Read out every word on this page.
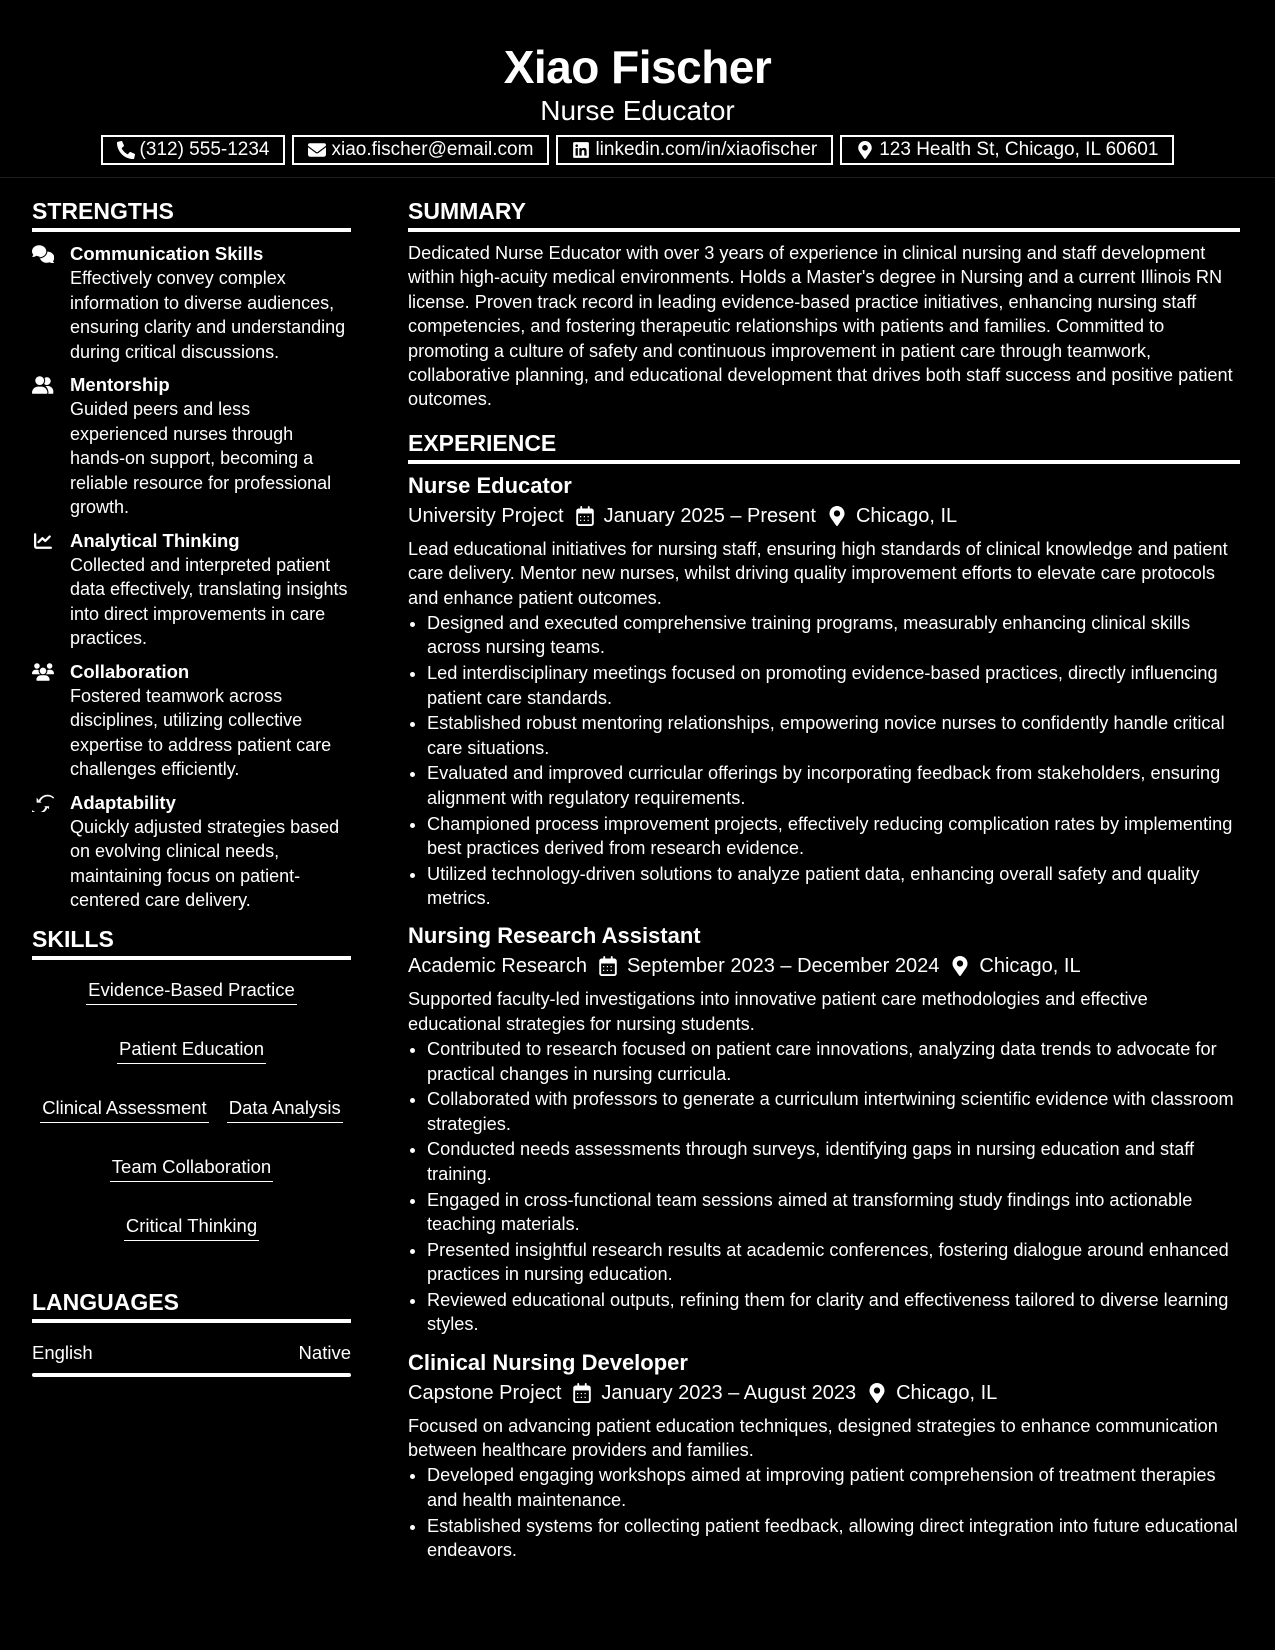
Xiao Fischer
Nurse Educator
(312) 555-1234	xiao.fischer@email.com	linkedin.com/in/xiaofischer	123 Health St, Chicago, IL 60601
STRENGTHS
Communication Skills
Effectively convey complex information to diverse audiences, ensuring clarity and understanding during critical discussions.
Mentorship
Guided peers and less experienced nurses through hands-on support, becoming a reliable resource for professional growth.
Analytical Thinking
Collected and interpreted patient data effectively, translating insights into direct improvements in care practices.
Collaboration
Fostered teamwork across disciplines, utilizing collective expertise to address patient care challenges efficiently.
Adaptability
Quickly adjusted strategies based on evolving clinical needs, maintaining focus on patient-centered care delivery.
SKILLS
Evidence-Based Practice
Patient Education
Clinical Assessment Data Analysis
Team Collaboration
Critical Thinking
LANGUAGES
English	Native
SUMMARY
Dedicated Nurse Educator with over 3 years of experience in clinical nursing and staff development within high-acuity medical environments. Holds a Master's degree in Nursing and a current Illinois RN license. Proven track record in leading evidence-based practice initiatives, enhancing nursing staff competencies, and fostering therapeutic relationships with patients and families. Committed to promoting a culture of safety and continuous improvement in patient care through teamwork, collaborative planning, and educational development that drives both staff success and positive patient outcomes.
EXPERIENCE
Nurse Educator
University Project January 2025 – Present Chicago, IL
Lead educational initiatives for nursing staff, ensuring high standards of clinical knowledge and patient care delivery. Mentor new nurses, whilst driving quality improvement efforts to elevate care protocols and enhance patient outcomes.
• Designed and executed comprehensive training programs, measurably enhancing clinical skills across nursing teams.
• Led interdisciplinary meetings focused on promoting evidence-based practices, directly influencing patient care standards.
• Established robust mentoring relationships, empowering novice nurses to confidently handle critical care situations.
• Evaluated and improved curricular offerings by incorporating feedback from stakeholders, ensuring alignment with regulatory requirements.
• Championed process improvement projects, effectively reducing complication rates by implementing best practices derived from research evidence.
• Utilized technology-driven solutions to analyze patient data, enhancing overall safety and quality metrics.
Nursing Research Assistant
Academic Research September 2023 – December 2024 Chicago, IL
Supported faculty-led investigations into innovative patient care methodologies and effective educational strategies for nursing students.
• Contributed to research focused on patient care innovations, analyzing data trends to advocate for practical changes in nursing curricula.
• Collaborated with professors to generate a curriculum intertwining scientific evidence with classroom strategies.
• Conducted needs assessments through surveys, identifying gaps in nursing education and staff training.
• Engaged in cross-functional team sessions aimed at transforming study findings into actionable teaching materials.
• Presented insightful research results at academic conferences, fostering dialogue around enhanced practices in nursing education.
• Reviewed educational outputs, refining them for clarity and effectiveness tailored to diverse learning styles.
Clinical Nursing Developer
Capstone Project January 2023 – August 2023 Chicago, IL
Focused on advancing patient education techniques, designed strategies to enhance communication between healthcare providers and families.
• Developed engaging workshops aimed at improving patient comprehension of treatment therapies and health maintenance.
• Established systems for collecting patient feedback, allowing direct integration into future educational endeavors.
